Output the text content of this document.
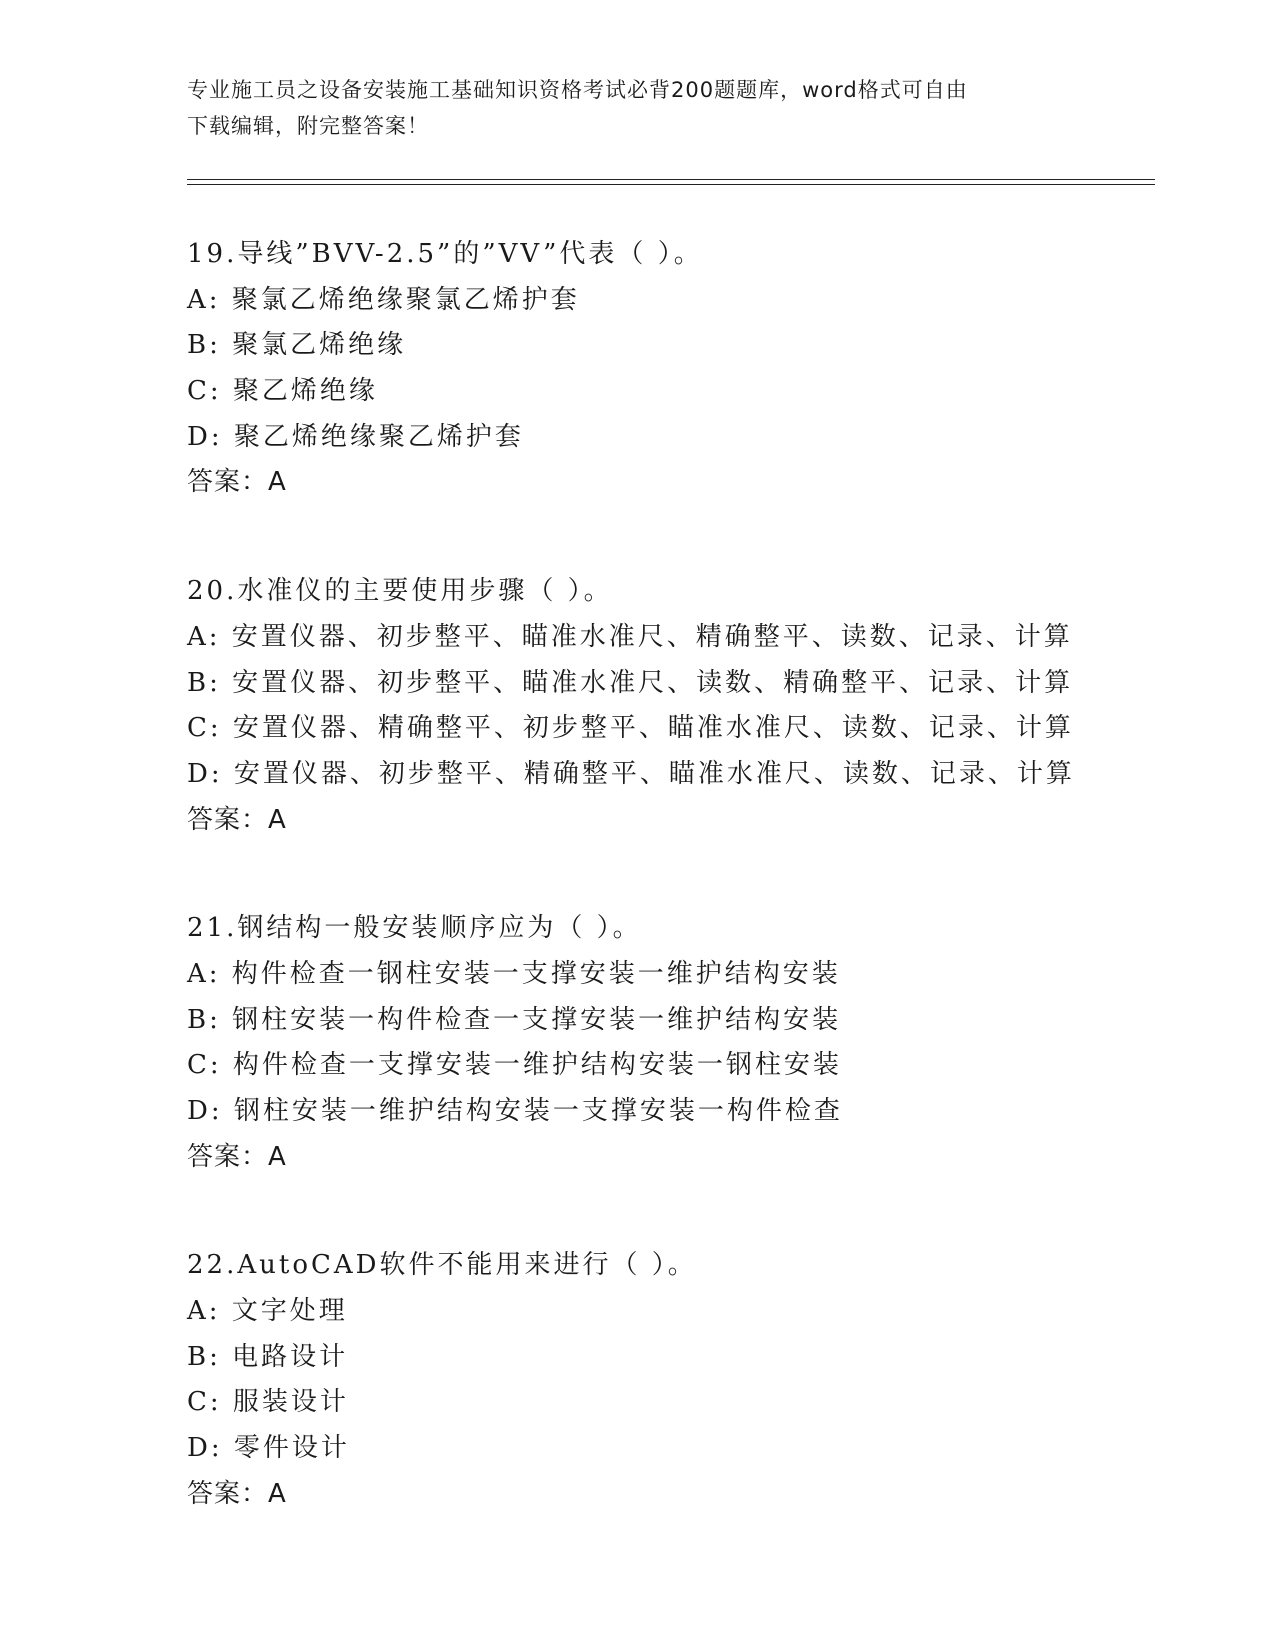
专业施工员之设备安装施工基础知识资格考试必背200题题库，word格式可自由
下载编辑，附完整答案！
19.导线”BVV-2.5”的”VV”代表（ ）。
A: 聚氯乙烯绝缘聚氯乙烯护套
B: 聚氯乙烯绝缘
C: 聚乙烯绝缘
D: 聚乙烯绝缘聚乙烯护套
答案：A
20.水准仪的主要使用步骤（ ）。
A: 安置仪器、初步整平、瞄准水准尺、精确整平、读数、记录、计算
B: 安置仪器、初步整平、瞄准水准尺、读数、精确整平、记录、计算
C: 安置仪器、精确整平、初步整平、瞄准水准尺、读数、记录、计算
D: 安置仪器、初步整平、精确整平、瞄准水准尺、读数、记录、计算
答案：A
21.钢结构一般安装顺序应为（ ）。
A: 构件检查一钢柱安装一支撑安装一维护结构安装
B: 钢柱安装一构件检查一支撑安装一维护结构安装
C: 构件检查一支撑安装一维护结构安装一钢柱安装
D: 钢柱安装一维护结构安装一支撑安装一构件检查
答案：A
22.AutoCAD软件不能用来进行（ ）。
A: 文字处理
B: 电路设计
C: 服装设计
D: 零件设计
答案：A
